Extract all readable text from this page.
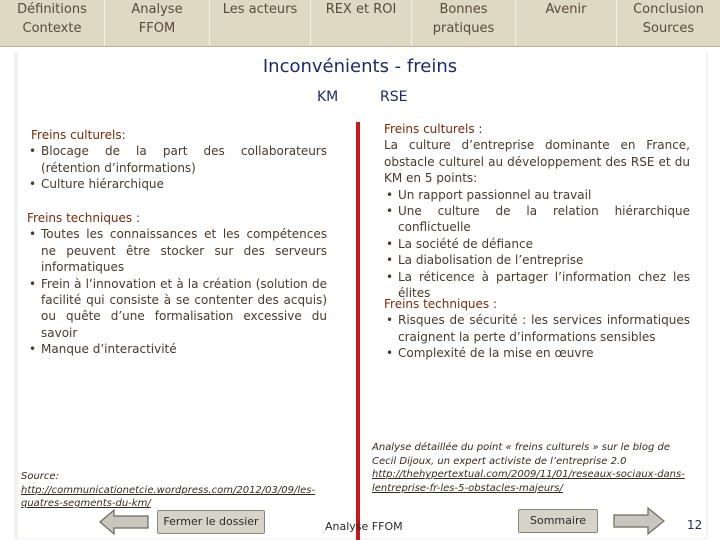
Définitions
Contexte
Analyse
FFOM
Les acteurs	REX et ROI	Bonnes
pratiques
Avenir	Conclusion
Sources
Inconvénients - freins
KM	RSE
Freins culturels:
• Blocage de la part des collaborateurs (rétention d’informations)
• Culture hiérarchique
Freins techniques :
• Toutes les connaissances et les compétences ne peuvent être stocker sur des serveurs informatiques
• Frein à l’innovation et à la création (solution de facilité qui consiste à se contenter des acquis) ou quête d’une formalisation excessive du savoir
• Manque d’interactivité
Source: http://communicationetcie.wordpress.com/2012/03/09/les-quatres-segments-du-km/
Freins culturels :
La culture d’entreprise dominante en France, obstacle culturel au développement des RSE et du KM en 5 points:
• Un rapport passionnel au travail
• Une culture de la relation hiérarchique conflictuelle
• La société de défiance
• La diabolisation de l’entreprise
• La réticence à partager l’information chez les élites
Freins techniques :
• Risques de sécurité : les services informatiques craignent la perte d’informations sensibles
• Complexité de la mise en œuvre
Analyse détaillée du point « freins culturels » sur le blog de Cecil Dijoux, un expert activiste de l’entreprise 2.0 http://thehypertextual.com/2009/11/01/reseaux-sociaux-dans-lentreprise-fr-les-5-obstacles-majeurs/
Fermer le dossier	Analyse FFOM	Sommaire	12
